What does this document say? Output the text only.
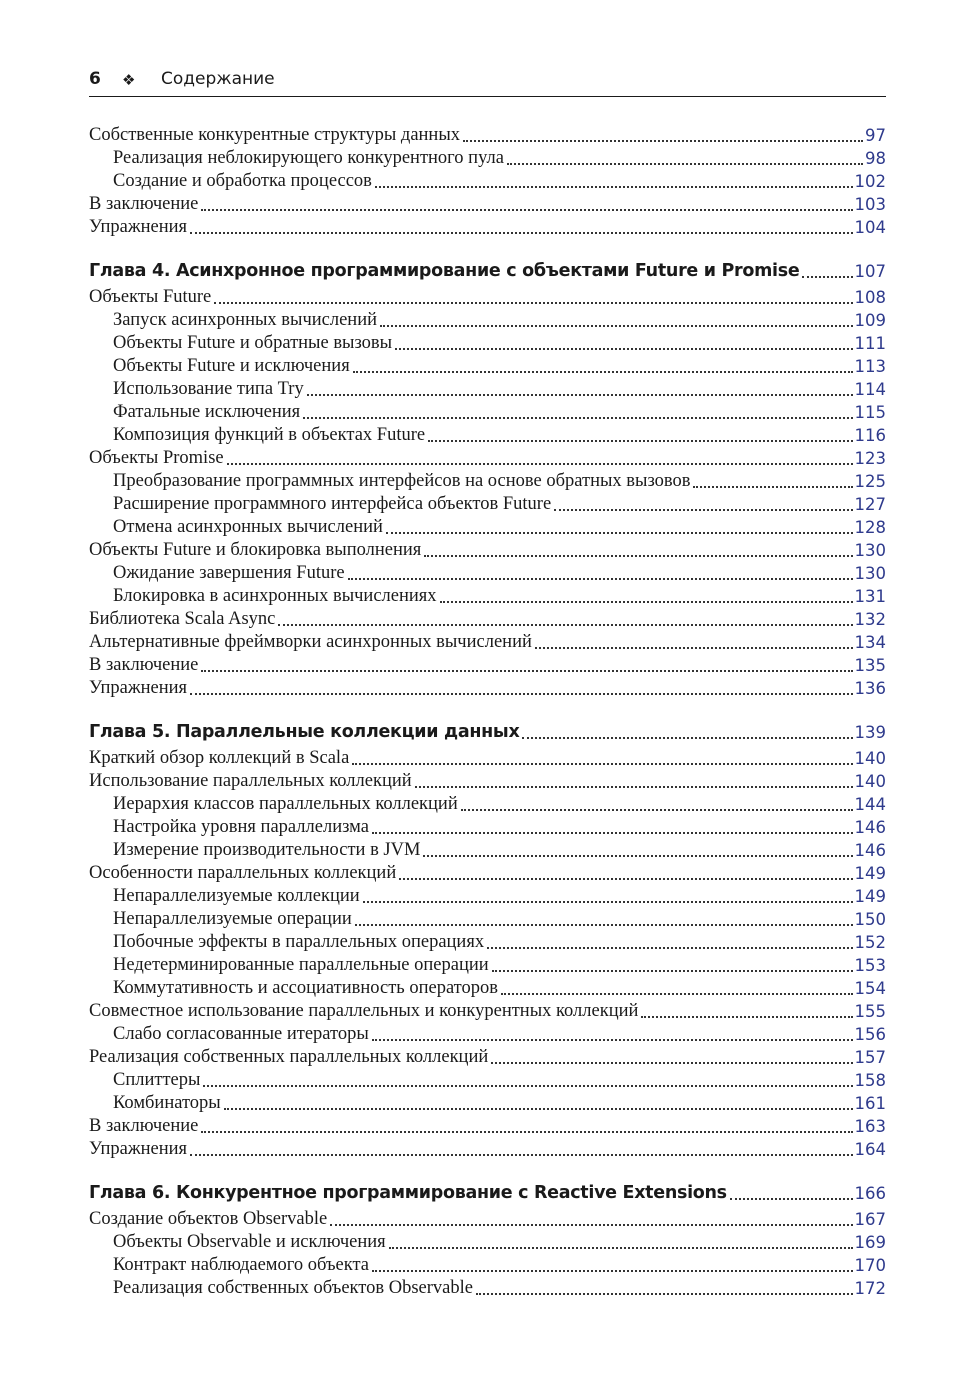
6 ❖ Содержание
Собственные конкурентные структуры данных	97
Реализация неблокирующего конкурентного пула	98
Создание и обработка процессов	102
В заключение	103
Упражнения	104
Глава 4. Асинхронное программирование с объектами Future и Promise	107
Объекты Future	108
Запуск асинхронных вычислений	109
Объекты Future и обратные вызовы	111
Объекты Future и исключения	113
Использование типа Try	114
Фатальные исключения	115
Композиция функций в объектах Future	116
Объекты Promise	123
Преобразование программных интерфейсов на основе обратных вызовов	125
Расширение программного интерфейса объектов Future	127
Отмена асинхронных вычислений	128
Объекты Future и блокировка выполнения	130
Ожидание завершения Future	130
Блокировка в асинхронных вычислениях	131
Библиотека Scala Async	132
Альтернативные фреймворки асинхронных вычислений	134
В заключение	135
Упражнения	136
Глава 5. Параллельные коллекции данных	139
Краткий обзор коллекций в Scala	140
Использование параллельных коллекций	140
Иерархия классов параллельных коллекций	144
Настройка уровня параллелизма	146
Измерение производительности в JVM	146
Особенности параллельных коллекций	149
Непараллелизуемые коллекции	149
Непараллелизуемые операции	150
Побочные эффекты в параллельных операциях	152
Недетерминированные параллельные операции	153
Коммутативность и ассоциативность операторов	154
Совместное использование параллельных и конкурентных коллекций	155
Слабо согласованные итераторы	156
Реализация собственных параллельных коллекций	157
Сплиттеры	158
Комбинаторы	161
В заключение	163
Упражнения	164
Глава 6. Конкурентное программирование с Reactive Extensions	166
Создание объектов Observable	167
Объекты Observable и исключения	169
Контракт наблюдаемого объекта	170
Реализация собственных объектов Observable	172
